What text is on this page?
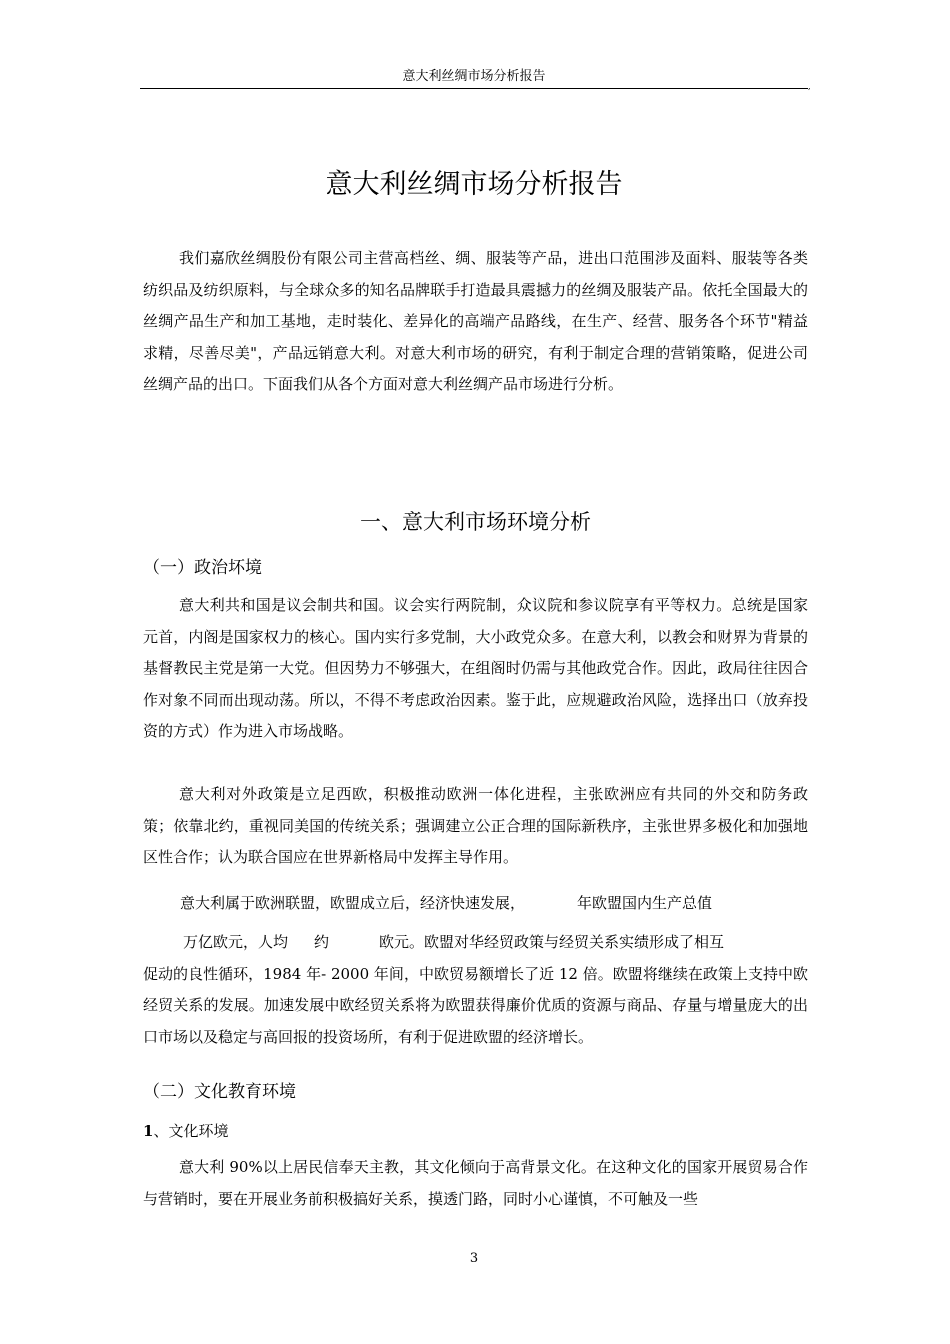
意大利丝绸市场分析报告
,
意大利丝绸市场分析报告

我们嘉欣丝绸股份有限公司主营高档丝、绸、服装等产品，进出口范围涉及面料、服装等各类纺织品及纺织原料，与全球众多的知名品牌联手打造最具震撼力的丝绸及服装产品。依托全国最大的丝绸产品生产和加工基地，走时装化、差异化的高端产品路线，在生产、经营、服务各个环节"精益求精，尽善尽美"，产品远销意大利。对意大利市场的研究，有利于制定合理的营销策略，促进公司丝绸产品的出口。下面我们从各个方面对意大利丝绸产品市场进行分析。

一、意大利市场环境分析
（一）政治坏境

意大利共和国是议会制共和国。议会实行两院制，众议院和参议院享有平等权力。总统是国家元首，内阁是国家权力的核心。国内实行多党制，大小政党众多。在意大利，以教会和财界为背景的基督教民主党是第一大党。但因势力不够强大，在组阁时仍需与其他政党合作。因此，政局往往因合作对象不同而出现动荡。所以，不得不考虑政治因素。鉴于此，应规避政治风险，选择出口（放弃投资的方式）作为进入市场战略。

意大利对外政策是立足西欧，积极推动欧洲一体化进程，主张欧洲应有共同的外交和防务政策；依靠北约，重视同美国的传统关系；强调建立公正合理的国际新秩序，主张世界多极化和加强地区性合作；认为联合国应在世界新格局中发挥主导作用。

意大利属于欧洲联盟，欧盟成立后，经济快速发展，	年欧盟国内生产总值
万亿欧元，人均 约	欧元。欧盟对华经贸政策与经贸关系实绩形成了相互
促动的良性循环，1984 年- 2000 年间，中欧贸易额增长了近 12 倍。欧盟将继续在政策上支持中欧经贸关系的发展。加速发展中欧经贸关系将为欧盟获得廉价优质的资源与商品、存量与增量庞大的出口市场以及稳定与高回报的投资场所，有利于促进欧盟的经济增长。
（二）文化教育环境
1、文化环境

意大利 90%以上居民信奉天主教，其文化倾向于高背景文化。在这种文化的国家开展贸易合作与营销时，要在开展业务前积极搞好关系，摸透门路，同时小心谨慎，不可触及一些

3
